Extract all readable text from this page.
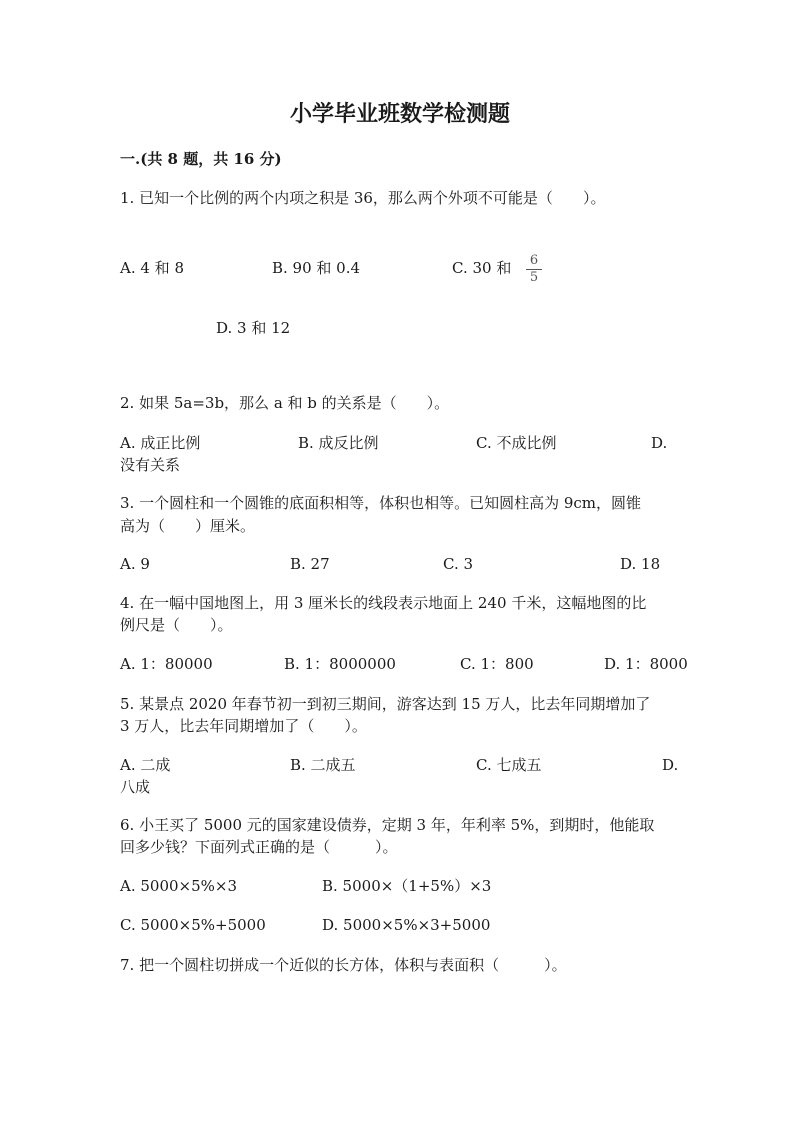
小学毕业班数学检测题
一.(共 8 题，共 16 分)
1. 已知一个比例的两个内项之积是 36，那么两个外项不可能是（　　）。
A. 4 和 8	B. 90 和 0.4	C. 30 和 6
5
D. 3 和 12
2. 如果 5a=3b，那么 a 和 b 的关系是（　　）。
A. 成正比例	B. 成反比例	C. 不成比例	D.
没有关系
3. 一个圆柱和一个圆锥的底面积相等，体积也相等。已知圆柱高为 9cm，圆锥
高为（　　）厘米。
A. 9	B. 27	C. 3	D. 18
4. 在一幅中国地图上，用 3 厘米长的线段表示地面上 240 千米，这幅地图的比
例尺是（　　）。
A. 1：80000	B. 1：8000000	C. 1：800	D. 1：8000
5. 某景点 2020 年春节初一到初三期间，游客达到 15 万人，比去年同期增加了
3 万人，比去年同期增加了（　　）。
A. 二成	B. 二成五	C. 七成五	D.
八成
6. 小王买了 5000 元的国家建设债券，定期 3 年，年利率 5%，到期时，他能取
回多少钱？下面列式正确的是（　　　）。
A. 5000×5%×3	B. 5000×（1+5%）×3
C. 5000×5%+5000	D. 5000×5%×3+5000
7. 把一个圆柱切拼成一个近似的长方体，体积与表面积（　　　）。
